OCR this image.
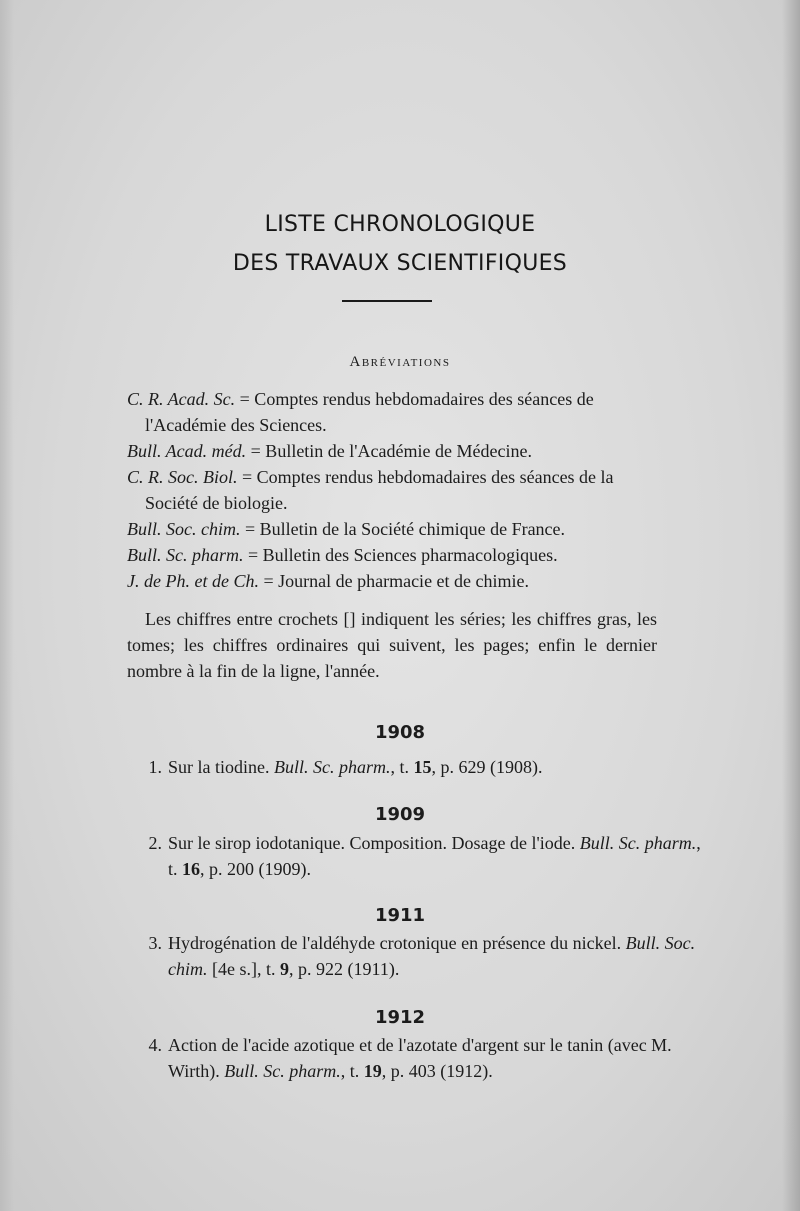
LISTE CHRONOLOGIQUE
DES TRAVAUX SCIENTIFIQUES
Abréviations
C. R. Acad. Sc. = Comptes rendus hebdomadaires des séances de l'Académie des Sciences.
Bull. Acad. méd. = Bulletin de l'Académie de Médecine.
C. R. Soc. Biol. = Comptes rendus hebdomadaires des séances de la Société de biologie.
Bull. Soc. chim. = Bulletin de la Société chimique de France.
Bull. Sc. pharm. = Bulletin des Sciences pharmacologiques.
J. de Ph. et de Ch. = Journal de pharmacie et de chimie.
Les chiffres entre crochets [] indiquent les séries; les chiffres gras, les tomes; les chiffres ordinaires qui suivent, les pages; enfin le dernier nombre à la fin de la ligne, l'année.
1908
1. Sur la tiodine. Bull. Sc. pharm., t. 15, p. 629 (1908).
1909
2. Sur le sirop iodotanique. Composition. Dosage de l'iode. Bull. Sc. pharm., t. 16, p. 200 (1909).
1911
3. Hydrogénation de l'aldéhyde crotonique en présence du nickel. Bull. Soc. chim. [4e s.], t. 9, p. 922 (1911).
1912
4. Action de l'acide azotique et de l'azotate d'argent sur le tanin (avec M. Wirth). Bull. Sc. pharm., t. 19, p. 403 (1912).
